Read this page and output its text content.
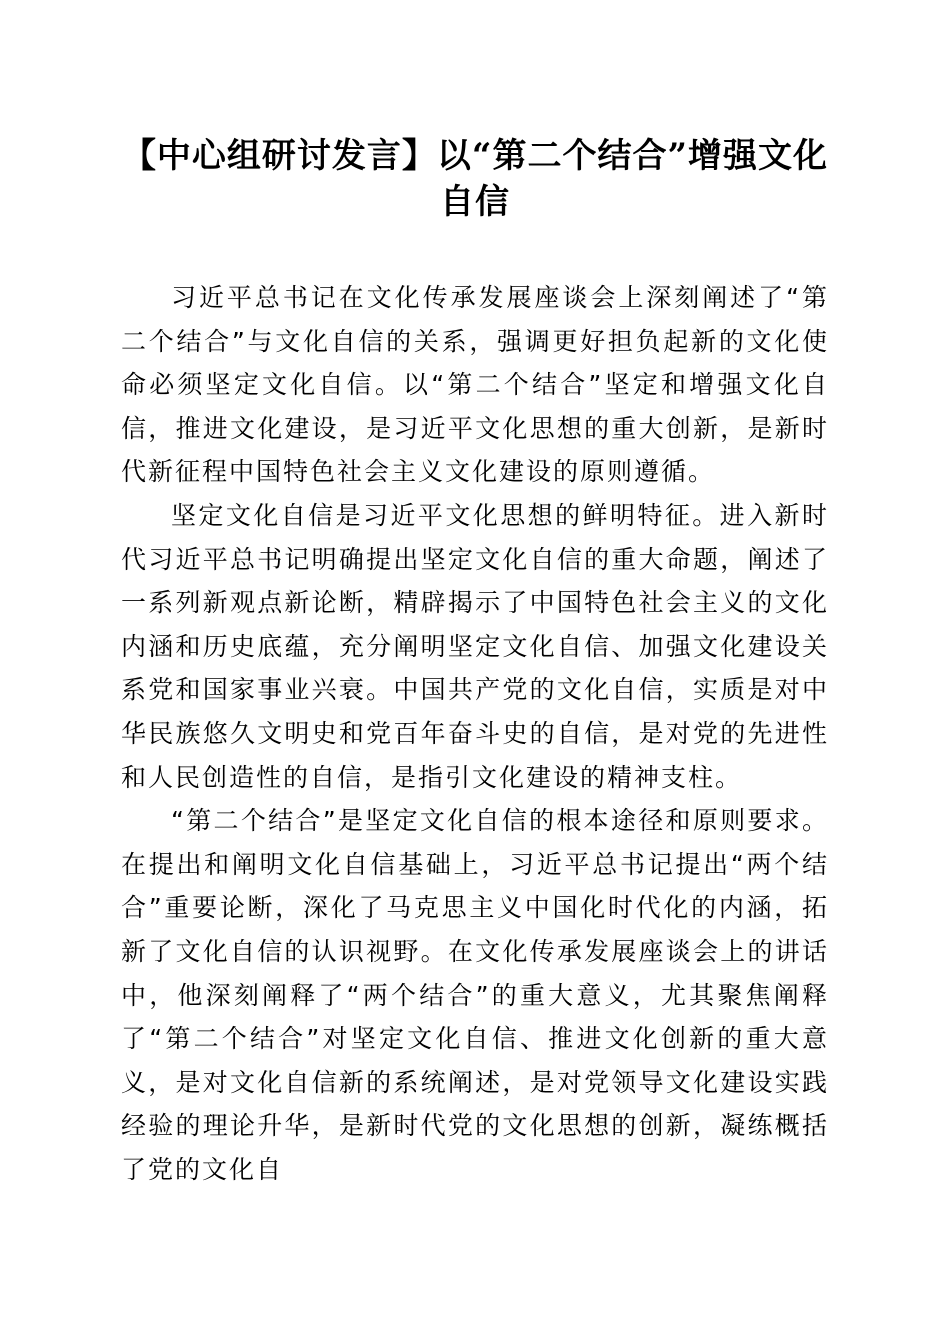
【中心组研讨发言】以“第二个结合”增强文化自信

习近平总书记在文化传承发展座谈会上深刻阐述了“第二个结合”与文化自信的关系，强调更好担负起新的文化使命必须坚定文化自信。以“第二个结合”坚定和增强文化自信，推进文化建设，是习近平文化思想的重大创新，是新时代新征程中国特色社会主义文化建设的原则遵循。

坚定文化自信是习近平文化思想的鲜明特征。进入新时代习近平总书记明确提出坚定文化自信的重大命题，阐述了一系列新观点新论断，精辟揭示了中国特色社会主义的文化内涵和历史底蕴，充分阐明坚定文化自信、加强文化建设关系党和国家事业兴衰。中国共产党的文化自信，实质是对中华民族悠久文明史和党百年奋斗史的自信，是对党的先进性和人民创造性的自信，是指引文化建设的精神支柱。

“第二个结合”是坚定文化自信的根本途径和原则要求。在提出和阐明文化自信基础上，习近平总书记提出“两个结合”重要论断，深化了马克思主义中国化时代化的内涵，拓新了文化自信的认识视野。在文化传承发展座谈会上的讲话中，他深刻阐释了“两个结合”的重大意义，尤其聚焦阐释了“第二个结合”对坚定文化自信、推进文化创新的重大意义，是对文化自信新的系统阐述，是对党领导文化建设实践经验的理论升华，是新时代党的文化思想的创新，凝练概括了党的文化自
